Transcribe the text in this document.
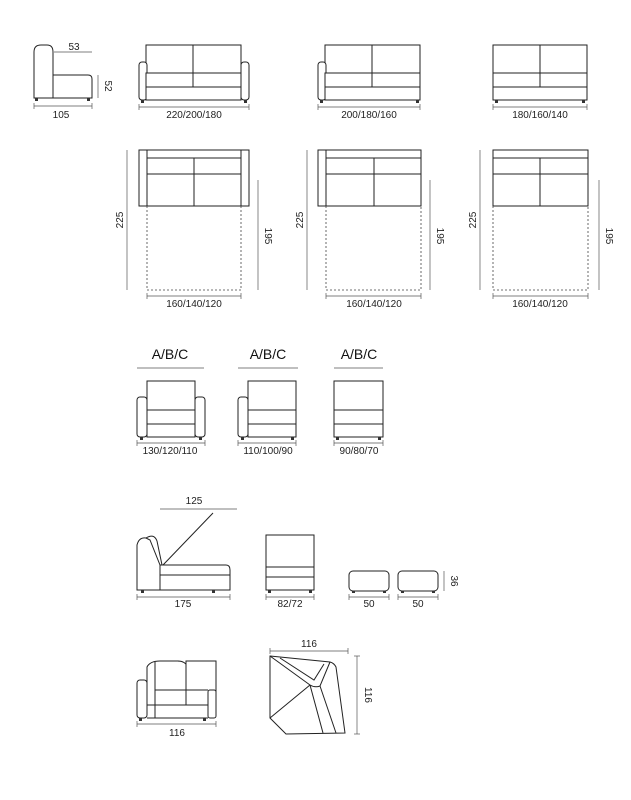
53
52
105	220/200/180	200/180/160	180/160/140
225
195
160/140/120
225
195
160/140/120
225
195
160/140/120
A/B/C
130/120/110
A/B/C
110/100/90
A/B/C
90/80/70
125
175	82/72	50	50
36
116
116
116
